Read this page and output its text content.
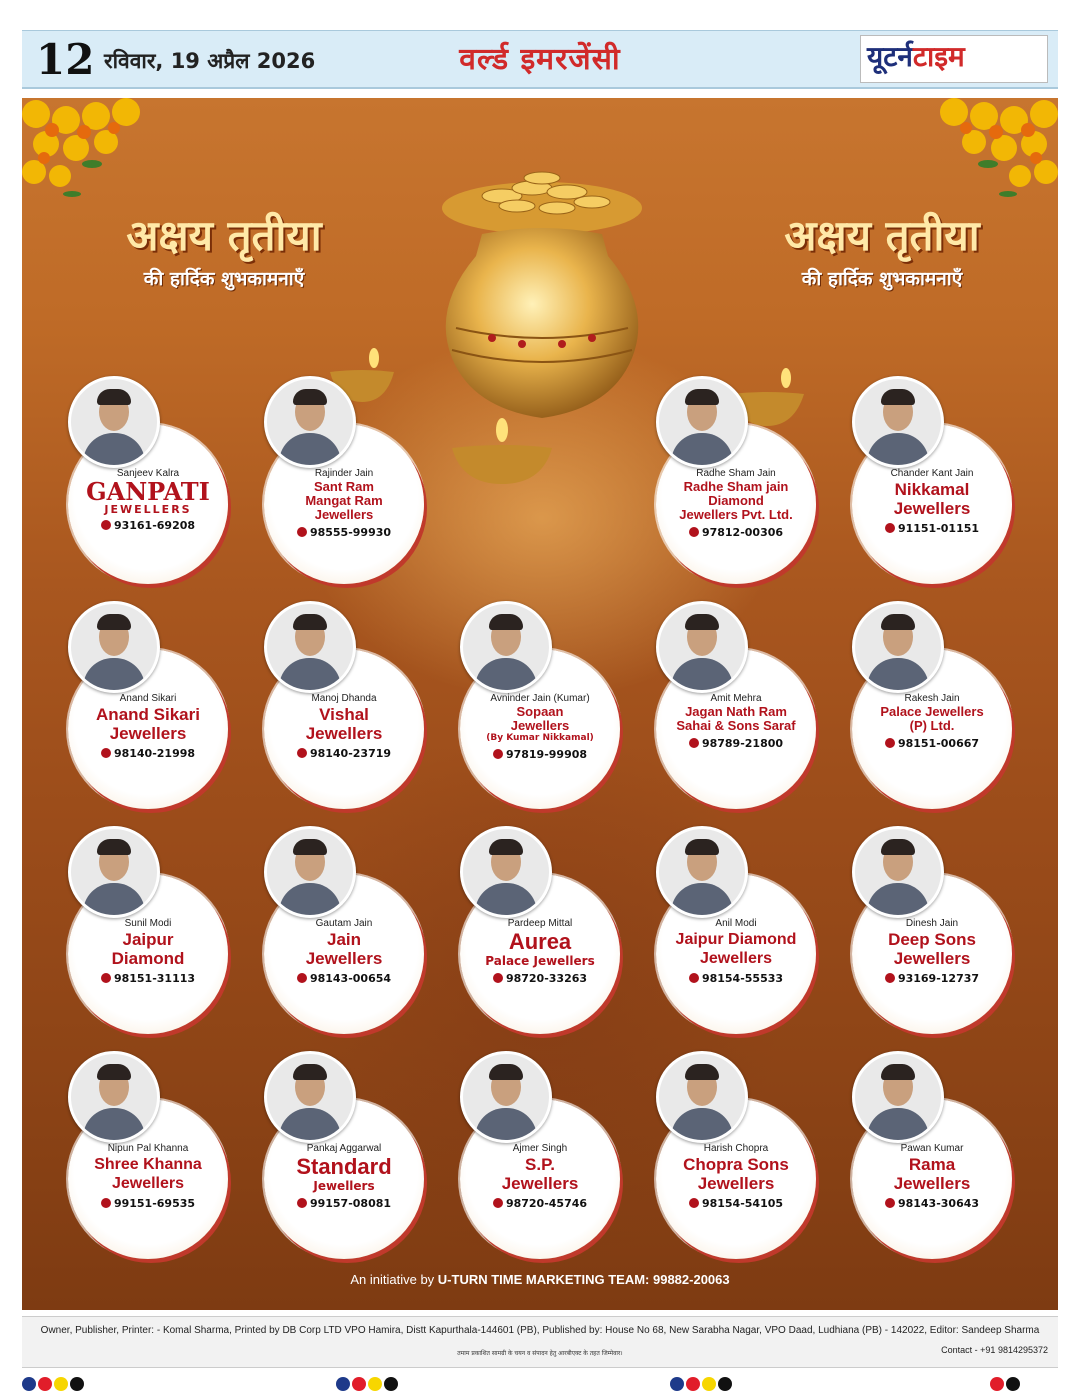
12 रविवार, 19 अप्रैल 2026	वर्ल्ड इमरजेंसी	यूटर्नटाइम
अक्षय तृतीया
की हार्दिक शुभकामनाएँ
अक्षय तृतीया
की हार्दिक शुभकामनाएँ
Sanjeev Kalra
GANPATI
JEWELLERS
93161-69208
Rajinder Jain
Sant Ram
Mangat Ram
Jewellers
98555-99930
Radhe Sham Jain
Radhe Sham jain Diamond
Jewellers Pvt. Ltd.
97812-00306
Chander Kant Jain
Nikkamal
Jewellers
91151-01151
Anand Sikari
Anand Sikari
Jewellers
98140-21998
Manoj Dhanda
Vishal
Jewellers
98140-23719
Avninder Jain (Kumar)
Sopaan
Jewellers
(By Kumar Nikkamal)
97819-99908
Amit Mehra
Jagan Nath Ram
Sahai & Sons Saraf
98789-21800
Rakesh Jain
Palace Jewellers
(P) Ltd.
98151-00667
Sunil Modi
Jaipur
Diamond
98151-31113
Gautam Jain
Jain
Jewellers
98143-00654
Pardeep Mittal
Aurea
Palace Jewellers
98720-33263
Anil Modi
Jaipur Diamond
Jewellers
98154-55533
Dinesh Jain
Deep Sons
Jewellers
93169-12737
Nipun Pal Khanna
Shree Khanna
Jewellers
99151-69535
Pankaj Aggarwal
Standard
Jewellers
99157-08081
Ajmer Singh
S.P.
Jewellers
98720-45746
Harish Chopra
Chopra Sons
Jewellers
98154-54105
Pawan Kumar
Rama
Jewellers
98143-30643
An initiative by U-TURN TIME MARKETING TEAM: 99882-20063
Owner, Publisher, Printer: - Komal Sharma, Printed by DB Corp LTD VPO Hamira, Distt Kapurthala-144601 (PB), Published by: House No 68, New Sarabha Nagar, VPO Daad, Ludhiana (PB) - 142022, Editor: Sandeep Sharma
तमाम प्रकाशित सामग्री के चयन व संपादन हेतु आरबीएक्ट के तहत जिम्मेवार।	Contact - +91 9814295372
